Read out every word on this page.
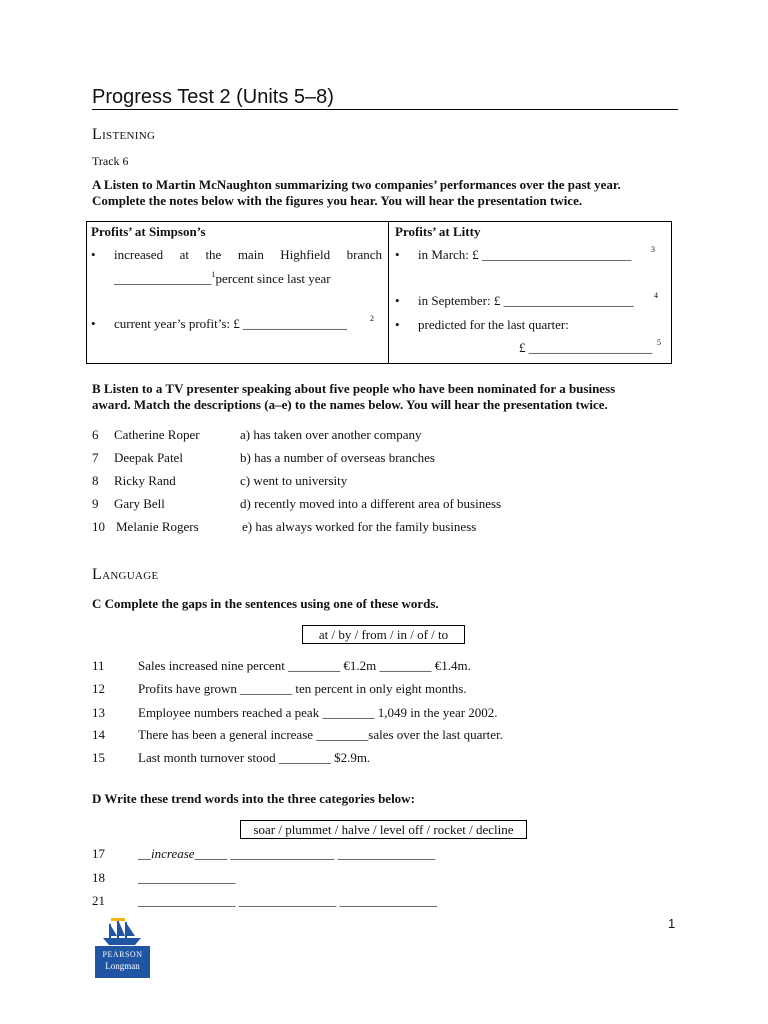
Progress Test 2 (Units 5–8)
Listening
Track 6
A Listen to Martin McNaughton summarizing two companies’ performances over the past year.
Complete the notes below with the figures you hear. You will hear the presentation twice.
Profits’ at Simpson’s	Profits’ at Litty
• increased at the main Highfield branch
_______________$^1$percent since last year
• current year’s profit’s: £ ________________	2
• in March: £ _______________________ 3
• in September: £ ____________________	4
• predicted for the last quarter:
£ ___________________ 5
B Listen to a TV presenter speaking about five people who have been nominated for a business
award. Match the descriptions (a–e) to the names below. You will hear the presentation twice.
6 Catherine Roper	a) has taken over another company
7 Deepak Patel	b) has a number of overseas branches
8 Ricky Rand	c) went to university
9 Gary Bell	d) recently moved into a different area of business
10 Melanie Rogers	e) has always worked for the family business
Language
C Complete the gaps in the sentences using one of these words.
at / by / from / in / of / to
11	Sales increased nine percent ________ €1.2m ________ €1.4m.
12	Profits have grown ________ ten percent in only eight months.
13	Employee numbers reached a peak ________ 1,049 in the year 2002.
14	There has been a general increase ________sales over the last quarter.
15	Last month turnover stood ________ $2.9m.
D Write these trend words into the three categories below:
soar / plummet / halve / level off / rocket / decline
17	__increase_____ ________________ _______________
18	_______________
21	_______________ _______________ _______________
PEARSON
Longman
1
